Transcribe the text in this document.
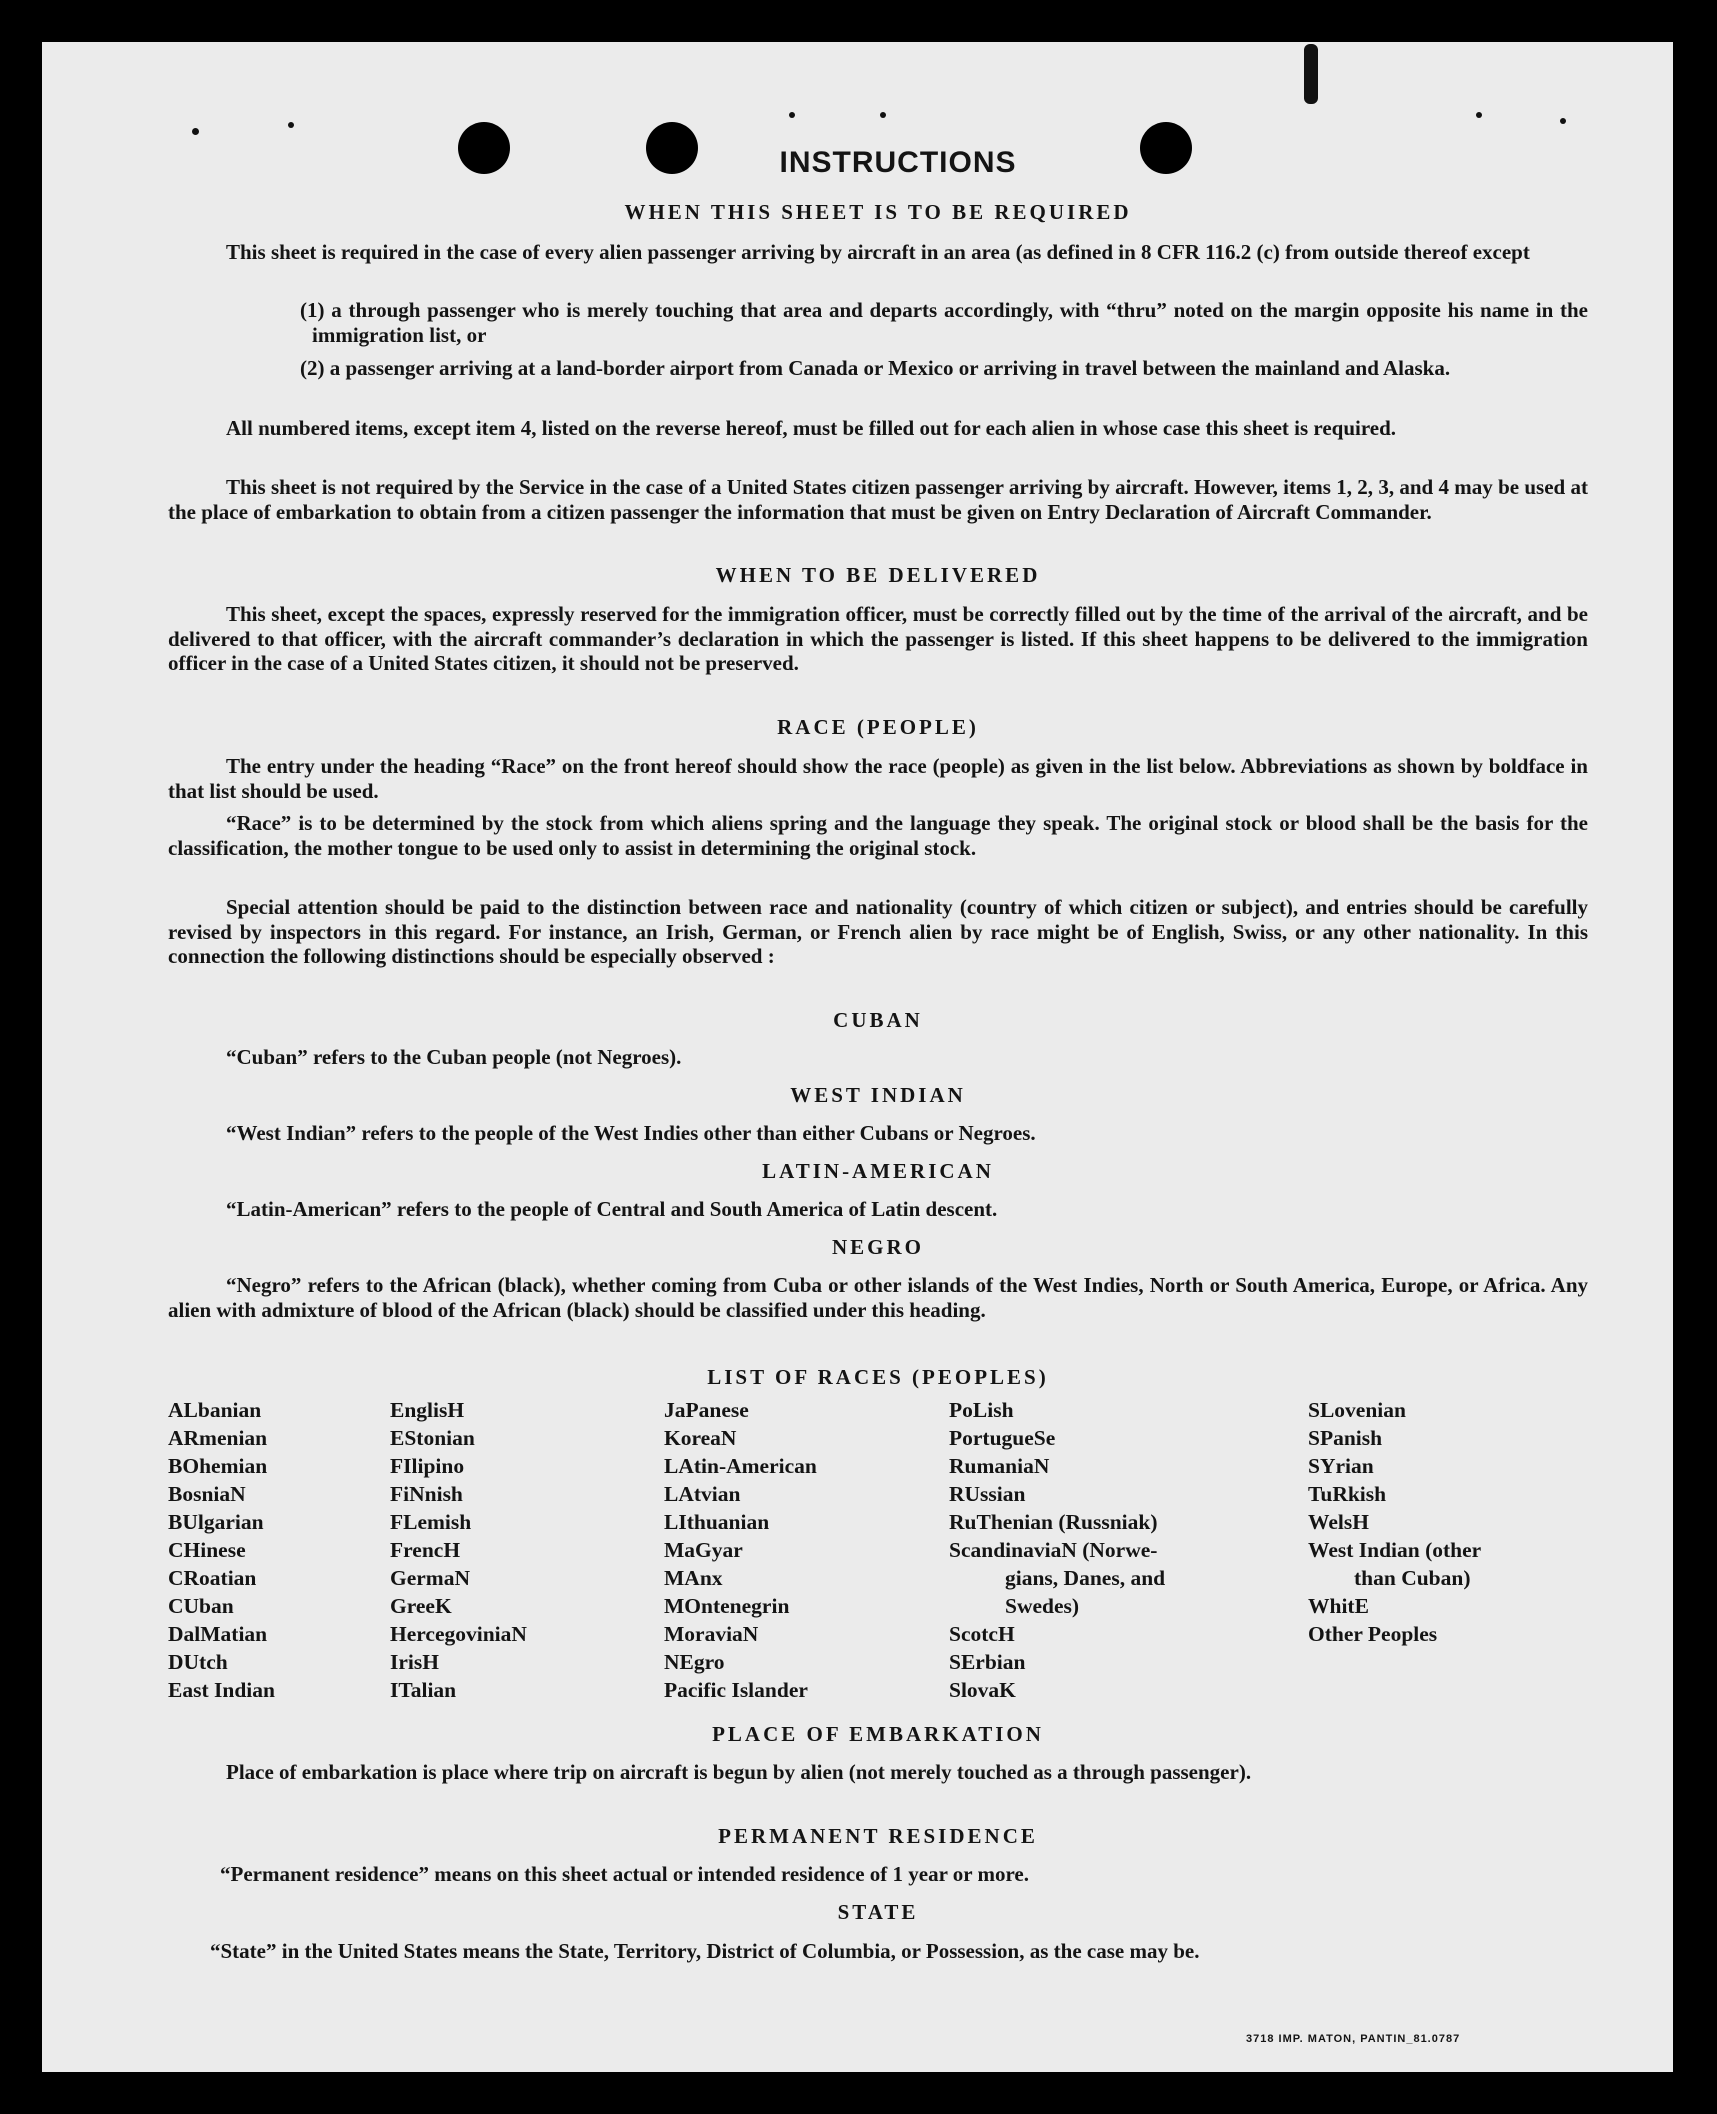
INSTRUCTIONS
WHEN THIS SHEET IS TO BE REQUIRED
This sheet is required in the case of every alien passenger arriving by aircraft in an area (as defined in 8 CFR 116.2 (c) from outside thereof except
(1) a through passenger who is merely touching that area and departs accordingly, with “thru” noted on the margin opposite his name in the immigration list, or
(2) a passenger arriving at a land-border airport from Canada or Mexico or arriving in travel between the mainland and Alaska.
All numbered items, except item 4, listed on the reverse hereof, must be filled out for each alien in whose case this sheet is required.
This sheet is not required by the Service in the case of a United States citizen passenger arriving by aircraft. However, items 1, 2, 3, and 4 may be used at the place of embarkation to obtain from a citizen passenger the information that must be given on Entry Declaration of Aircraft Commander.
WHEN TO BE DELIVERED
This sheet, except the spaces, expressly reserved for the immigration officer, must be correctly filled out by the time of the arrival of the aircraft, and be delivered to that officer, with the aircraft commander’s declaration in which the passenger is listed. If this sheet happens to be delivered to the immigration officer in the case of a United States citizen, it should not be preserved.
RACE (PEOPLE)
The entry under the heading “Race” on the front hereof should show the race (people) as given in the list below. Abbreviations as shown by boldface in that list should be used.
“Race” is to be determined by the stock from which aliens spring and the language they speak. The original stock or blood shall be the basis for the classification, the mother tongue to be used only to assist in determining the original stock.
Special attention should be paid to the distinction between race and nationality (country of which citizen or subject), and entries should be carefully revised by inspectors in this regard. For instance, an Irish, German, or French alien by race might be of English, Swiss, or any other nationality. In this connection the following distinctions should be especially observed :
CUBAN
“Cuban” refers to the Cuban people (not Negroes).
WEST INDIAN
“West Indian” refers to the people of the West Indies other than either Cubans or Negroes.
LATIN-AMERICAN
“Latin-American” refers to the people of Central and South America of Latin descent.
NEGRO
“Negro” refers to the African (black), whether coming from Cuba or other islands of the West Indies, North or South America, Europe, or Africa. Any alien with admixture of blood of the African (black) should be classified under this heading.
LIST OF RACES (PEOPLES)
ALbanian
ARmenian
BOhemian
BosniaN
BUlgarian
CHinese
CRoatian
CUban
DalMatian
DUtch
East Indian
EnglisH
EStonian
FIlipino
FiNnish
FLemish
FrencH
GermaN
GreeK
HercegoviniaN
IrisH
ITalian
JaPanese
KoreaN
LAtin-American
LAtvian
LIthuanian
MaGyar
MAnx
MOntenegrin
MoraviaN
NEgro
Pacific Islander
PoLish
PortugueSe
RumaniaN
RUssian
RuThenian (Russniak)
ScandinaviaN (Norwe-
gians, Danes, and
Swedes)
ScotcH
SErbian
SlovaK
SLovenian
SPanish
SYrian
TuRkish
WelsH
West Indian (other
than Cuban)
WhitE
Other Peoples
PLACE OF EMBARKATION
Place of embarkation is place where trip on aircraft is begun by alien (not merely touched as a through passenger).
PERMANENT RESIDENCE
“Permanent residence” means on this sheet actual or intended residence of 1 year or more.
STATE
“State” in the United States means the State, Territory, District of Columbia, or Possession, as the case may be.
3718 IMP. MATON, PANTIN_81.0787
